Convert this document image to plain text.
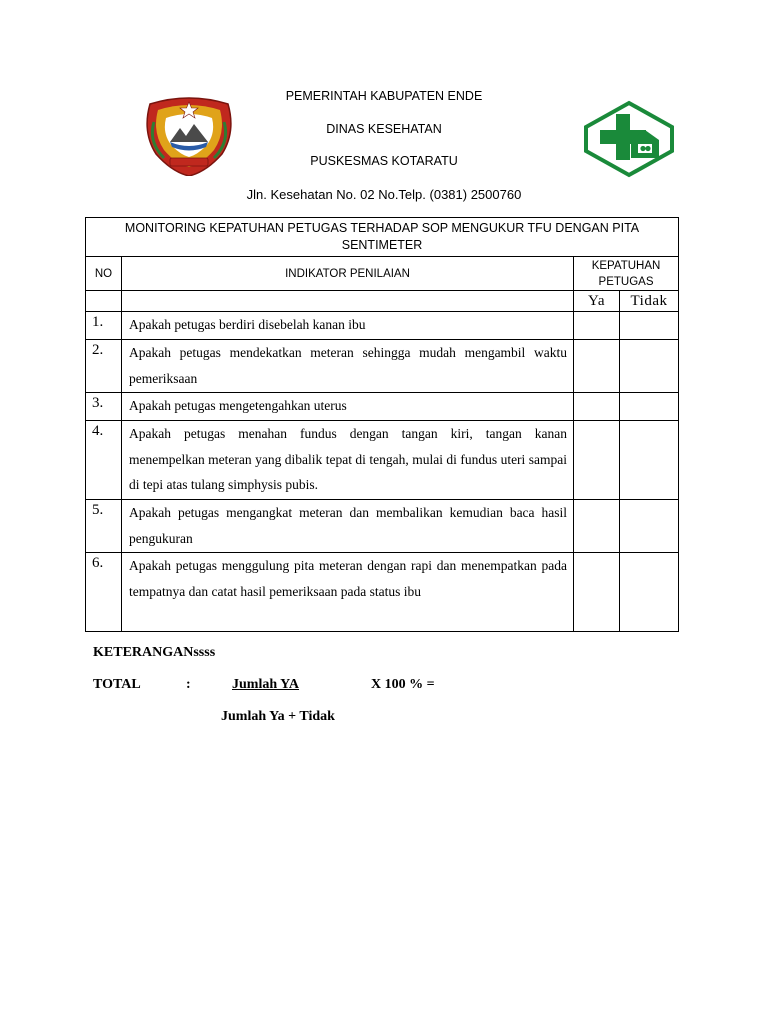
PEMERINTAH KABUPATEN ENDE
DINAS KESEHATAN
PUSKESMAS KOTARATU
Jln. Kesehatan No. 02 No.Telp. (0381) 2500760
MONITORING KEPATUHAN PETUGAS TERHADAP SOP MENGUKUR TFU DENGAN PITA SENTIMETER			
NO	INDIKATOR PENILAIAN	KEPATUHAN PETUGAS	
		Ya	Tidak
1.	Apakah petugas berdiri disebelah kanan ibu		
2.	Apakah petugas mendekatkan meteran sehingga mudah mengambil waktu pemeriksaan		
3.	Apakah petugas mengetengahkan uterus		
4.	Apakah petugas menahan fundus dengan tangan kiri, tangan kanan menempelkan meteran yang dibalik tepat di tengah, mulai di fundus uteri sampai di tepi atas tulang simphysis pubis.		
5.	Apakah petugas mengangkat meteran dan membalikan kemudian baca hasil pengukuran		
6.	Apakah petugas menggulung pita meteran dengan rapi dan menempatkan pada tempatnya dan catat hasil pemeriksaan pada status ibu		
KETERANGANssss
TOTAL	:	Jumlah YA	X 100 % =
Jumlah Ya + Tidak
